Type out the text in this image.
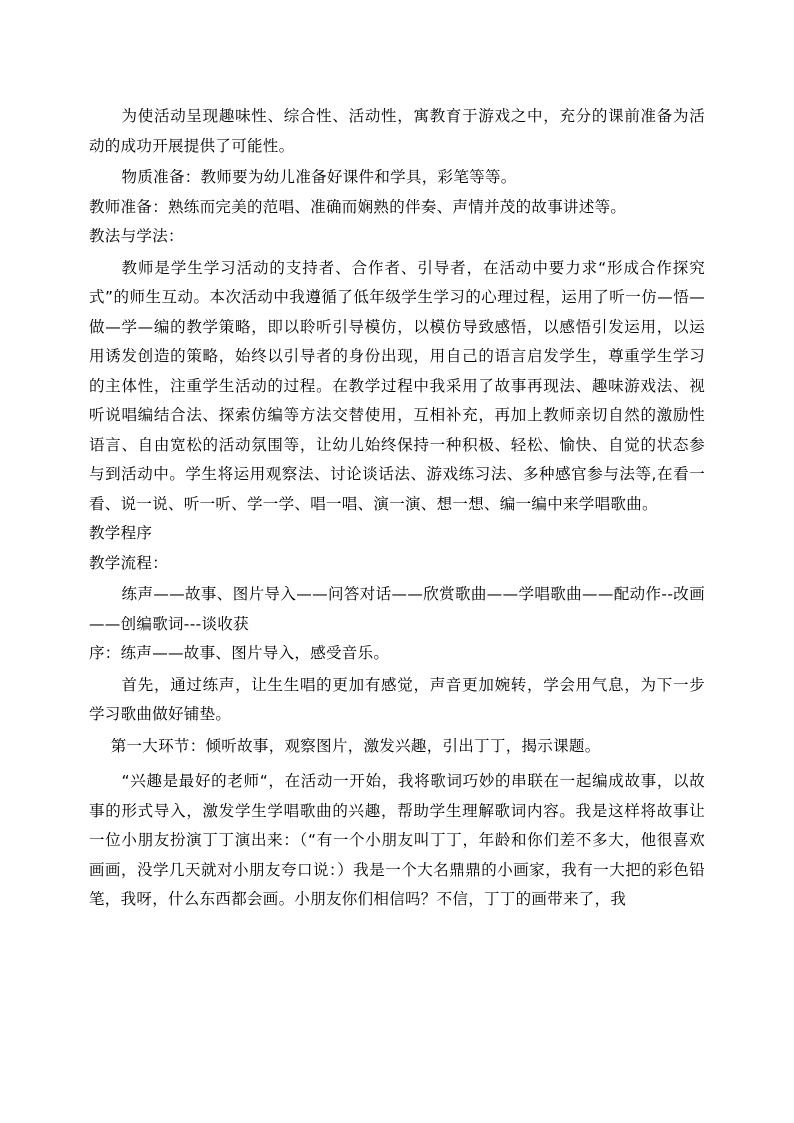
为使活动呈现趣味性、综合性、活动性，寓教育于游戏之中，充分的课前准备为活动的成功开展提供了可能性。

物质准备：教师要为幼儿准备好课件和学具，彩笔等等。

教师准备：熟练而完美的范唱、准确而娴熟的伴奏、声情并茂的故事讲述等。

教法与学法：

教师是学生学习活动的支持者、合作者、引导者，在活动中要力求“形成合作探究式”的师生互动。本次活动中我遵循了低年级学生学习的心理过程，运用了听一仿—悟—做—学—编的教学策略，即以聆听引导模仿，以模仿导致感悟，以感悟引发运用，以运用诱发创造的策略，始终以引导者的身份出现，用自己的语言启发学生，尊重学生学习的主体性，注重学生活动的过程。在教学过程中我采用了故事再现法、趣味游戏法、视听说唱编结合法、探索仿编等方法交替使用，互相补充，再加上教师亲切自然的激励性语言、自由宽松的活动氛围等，让幼儿始终保持一种积极、轻松、愉快、自觉的状态参与到活动中。学生将运用观察法、讨论谈话法、游戏练习法、多种感官参与法等,在看一看、说一说、听一听、学一学、唱一唱、演一演、想一想、编一编中来学唱歌曲。

教学程序

教学流程：

练声——故事、图片导入——问答对话——欣赏歌曲——学唱歌曲——配动作--改画——创编歌词---谈收获

序：练声——故事、图片导入，感受音乐。

首先，通过练声，让生生唱的更加有感觉，声音更加婉转，学会用气息，为下一步学习歌曲做好铺垫。

第一大环节：倾听故事，观察图片，激发兴趣，引出丁丁，揭示课题。

“兴趣是最好的老师“，在活动一开始，我将歌词巧妙的串联在一起编成故事，以故事的形式导入，激发学生学唱歌曲的兴趣，帮助学生理解歌词内容。我是这样将故事让一位小朋友扮演丁丁演出来：（“有一个小朋友叫丁丁，年龄和你们差不多大，他很喜欢画画，没学几天就对小朋友夸口说：）我是一个大名鼎鼎的小画家，我有一大把的彩色铅笔，我呀，什么东西都会画。小朋友你们相信吗？不信，丁丁的画带来了，我
